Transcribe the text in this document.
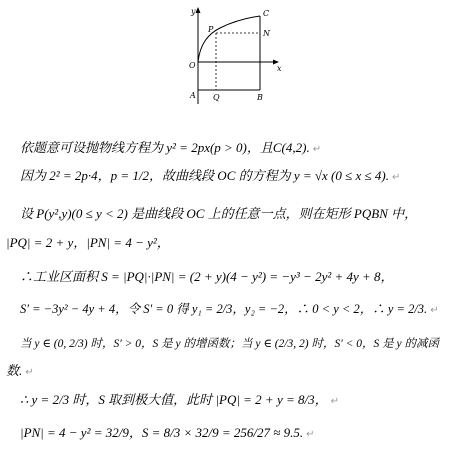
y
x
O
A Q	B
P	N
C
依题意可设抛物线方程为 y² = 2px(p > 0)，且C(4,2). ↵
因为 2² = 2p·4，p = 1/2，故曲线段 OC 的方程为 y = √x (0 ≤ x ≤ 4). ↵
设 P(y²,y)(0 ≤ y < 2) 是曲线段 OC 上的任意一点，则在矩形 PQBN 中，
|PQ| = 2 + y，|PN| = 4 − y²，
∴工业区面积 S = |PQ|·|PN| = (2 + y)(4 − y²) = −y³ − 2y² + 4y + 8，
S′ = −3y² − 4y + 4，令 S′ = 0 得 y₁ = 2/3，y₂ = −2，∴ 0 < y < 2，∴ y = 2/3. ↵
当 y ∈ (0, 2/3) 时，S′ > 0，S 是 y 的增函数；当 y ∈ (2/3, 2) 时，S′ < 0，S 是 y 的减函
数. ↵
∴ y = 2/3 时，S 取到极大值，此时 |PQ| = 2 + y = 8/3， ↵
|PN| = 4 − y² = 32/9，S = 8/3 × 32/9 = 256/27 ≈ 9.5. ↵
